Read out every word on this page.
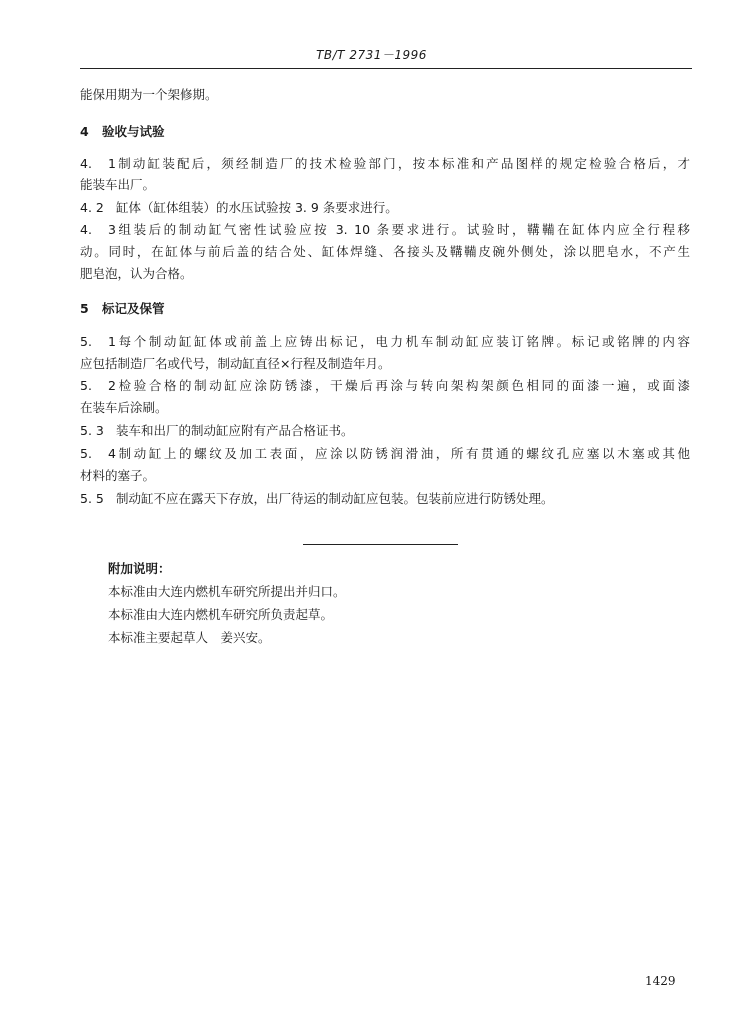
TB/T 2731－1996
能保用期为一个架修期。
4 验收与试验
4. 1制动缸装配后，须经制造厂的技术检验部门，按本标准和产品图样的规定检验合格后，才
能装车出厂。
4. 2 缸体（缸体组装）的水压试验按 3. 9 条要求进行。
4. 3组装后的制动缸气密性试验应按 3. 10 条要求进行。试验时，鞲鞴在缸体内应全行程移
动。同时，在缸体与前后盖的结合处、缸体焊缝、各接头及鞲鞴皮碗外侧处，涂以肥皂水，不产生
肥皂泡，认为合格。
5 标记及保管
5. 1每个制动缸缸体或前盖上应铸出标记，电力机车制动缸应装订铭牌。标记或铭牌的内容
应包括制造厂名或代号，制动缸直径×行程及制造年月。
5. 2检验合格的制动缸应涂防锈漆，干燥后再涂与转向架构架颜色相同的面漆一遍，或面漆
在装车后涂刷。
5. 3 装车和出厂的制动缸应附有产品合格证书。
5. 4制动缸上的螺纹及加工表面，应涂以防锈润滑油，所有贯通的螺纹孔应塞以木塞或其他
材料的塞子。
5. 5 制动缸不应在露天下存放，出厂待运的制动缸应包装。包装前应进行防锈处理。
附加说明：
本标准由大连内燃机车研究所提出并归口。
本标准由大连内燃机车研究所负责起草。
本标准主要起草人　姜兴安。
1429
